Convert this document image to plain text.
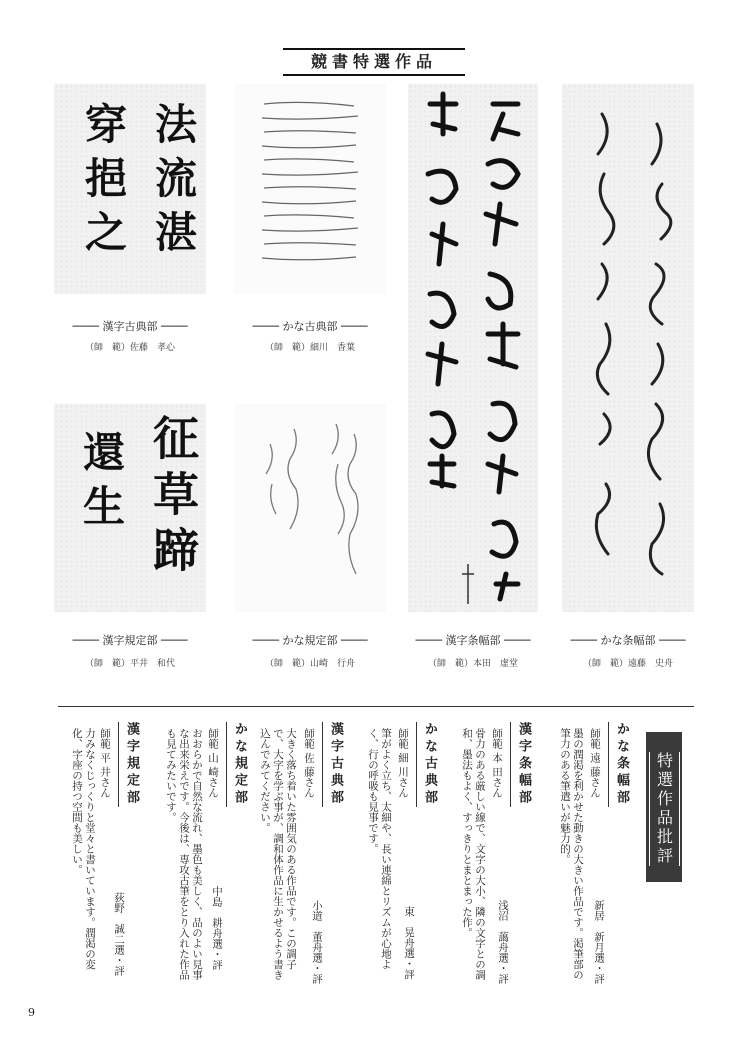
競書特選作品
法流湛
穿挹之
──── 漢字古典部 ────
（師　範）佐藤　孝心
──── かな古典部 ────
（師　範）細川　香葉
征草蹄
還生
──── 漢字規定部 ────
（師　範）平井　和代
──── かな規定部 ────
（師　範）山崎　行舟
──── 漢字条幅部 ────
（師　範）本田　虚堂
──── かな条幅部 ────
（師　範）遠藤　史舟
特選作品批評
かな条幅部
師範 遠 藤さん
墨の潤渇を利かせた動きの大きい作品です。渇筆部の筆力のある筆遣いが魅力的。
新居　新月選・評
漢字条幅部
師範 本 田さん
骨力のある厳しい線で、文字の大小、隣の文字との調和、墨法もよく、すっきりとまとまった作。
浅沼　藹舟選・評
かな古典部
師範 細 川さん
筆がよく立ち、太細や、長い連綿とリズムが心地よく、行の呼吸も見事です。
東　晃舟選・評
漢字古典部
師範 佐 藤さん
大きく落ち着いた雰囲気のある作品です。この調子で、大字を学ぶ事が、調和体作品に生かせるよう書き込んでみてください。
小道　董舟選・評
かな規定部
師範 山 崎さん
おおらかで自然な流れ、墨色も美しく、品のよい見事な出来栄えです。今後は、専攻古筆をとり入れた作品も見てみたいです。
中島　耕舟選・評
漢字規定部
師範 平 井さん
力みなくじっくりと堂々と書いています。潤渇の変化、字座の持つ空間も美しい。
荻野　誠二選・評
9
